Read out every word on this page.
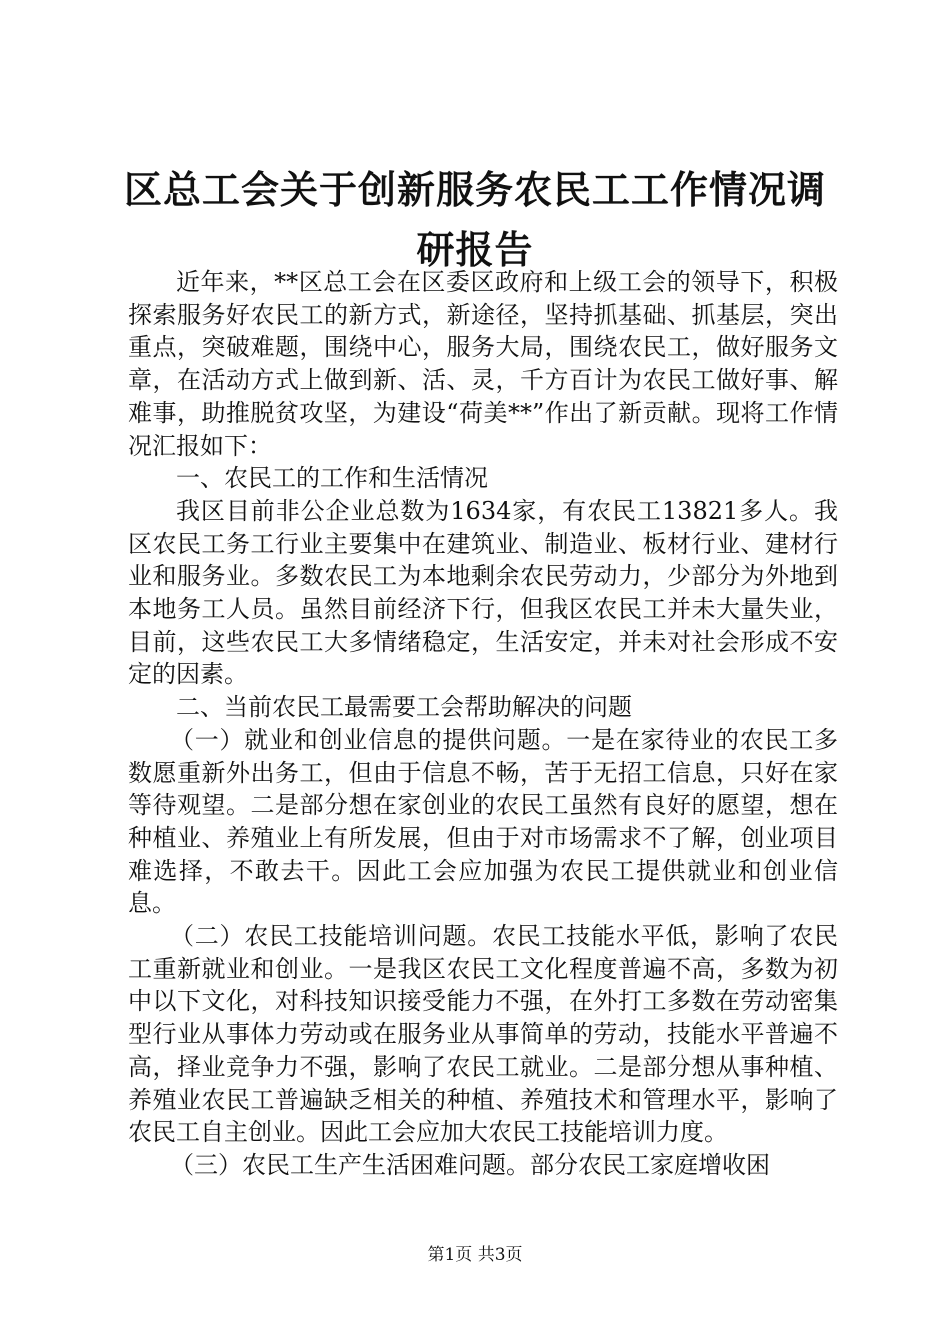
区总工会关于创新服务农民工工作情况调研报告

近年来，**区总工会在区委区政府和上级工会的领导下，积极探索服务好农民工的新方式，新途径，坚持抓基础、抓基层，突出重点，突破难题，围绕中心，服务大局，围绕农民工，做好服务文章，在活动方式上做到新、活、灵，千方百计为农民工做好事、解难事，助推脱贫攻坚，为建设“荷美**”作出了新贡献。现将工作情况汇报如下：

一、农民工的工作和生活情况

我区目前非公企业总数为1634家，有农民工13821多人。我区农民工务工行业主要集中在建筑业、制造业、板材行业、建材行业和服务业。多数农民工为本地剩余农民劳动力，少部分为外地到本地务工人员。虽然目前经济下行，但我区农民工并未大量失业，目前，这些农民工大多情绪稳定，生活安定，并未对社会形成不安定的因素。

二、当前农民工最需要工会帮助解决的问题

（一）就业和创业信息的提供问题。一是在家待业的农民工多数愿重新外出务工，但由于信息不畅，苦于无招工信息，只好在家等待观望。二是部分想在家创业的农民工虽然有良好的愿望，想在种植业、养殖业上有所发展，但由于对市场需求不了解，创业项目难选择，不敢去干。因此工会应加强为农民工提供就业和创业信息。

（二）农民工技能培训问题。农民工技能水平低，影响了农民工重新就业和创业。一是我区农民工文化程度普遍不高，多数为初中以下文化，对科技知识接受能力不强，在外打工多数在劳动密集型行业从事体力劳动或在服务业从事简单的劳动，技能水平普遍不高，择业竞争力不强，影响了农民工就业。二是部分想从事种植、养殖业农民工普遍缺乏相关的种植、养殖技术和管理水平，影响了农民工自主创业。因此工会应加大农民工技能培训力度。

（三）农民工生产生活困难问题。部分农民工家庭增收困

第1页 共3页
